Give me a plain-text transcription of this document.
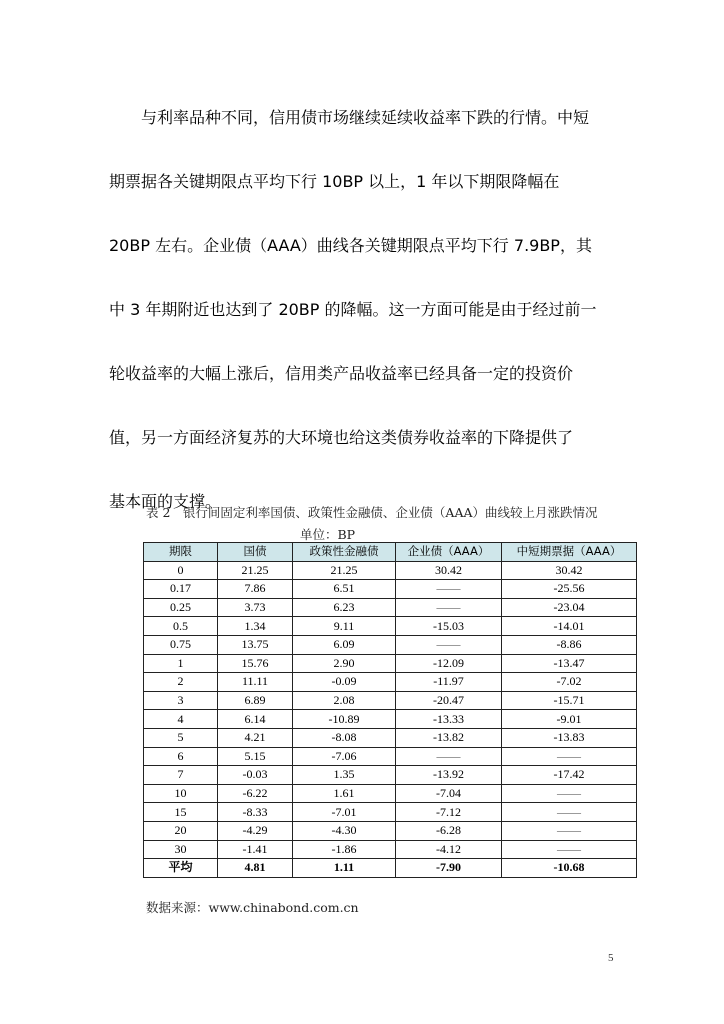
与利率品种不同，信用债市场继续延续收益率下跌的行情。中短
期票据各关键期限点平均下行 10BP 以上，1 年以下期限降幅在
20BP 左右。企业债（AAA）曲线各关键期限点平均下行 7.9BP，其
中 3 年期附近也达到了 20BP 的降幅。这一方面可能是由于经过前一
轮收益率的大幅上涨后，信用类产品收益率已经具备一定的投资价
值，另一方面经济复苏的大环境也给这类债券收益率的下降提供了
基本面的支撑。
表 2　银行间固定利率国债、政策性金融债、企业债（AAA）曲线较上月涨跌情况
单位：BP
期限	国债	政策性金融债	企业债（AAA）	中短期票据（AAA）
0	21.25	21.25	30.42	30.42
0.17	7.86	6.51	——	-25.56
0.25	3.73	6.23	——	-23.04
0.5	1.34	9.11	-15.03	-14.01
0.75	13.75	6.09	——	-8.86
1	15.76	2.90	-12.09	-13.47
2	11.11	-0.09	-11.97	-7.02
3	6.89	2.08	-20.47	-15.71
4	6.14	-10.89	-13.33	-9.01
5	4.21	-8.08	-13.82	-13.83
6	5.15	-7.06	——	——
7	-0.03	1.35	-13.92	-17.42
10	-6.22	1.61	-7.04	——
15	-8.33	-7.01	-7.12	——
20	-4.29	-4.30	-6.28	——
30	-1.41	-1.86	-4.12	——
平均	4.81	1.11	-7.90	-10.68
数据来源：www.chinabond.com.cn
5
